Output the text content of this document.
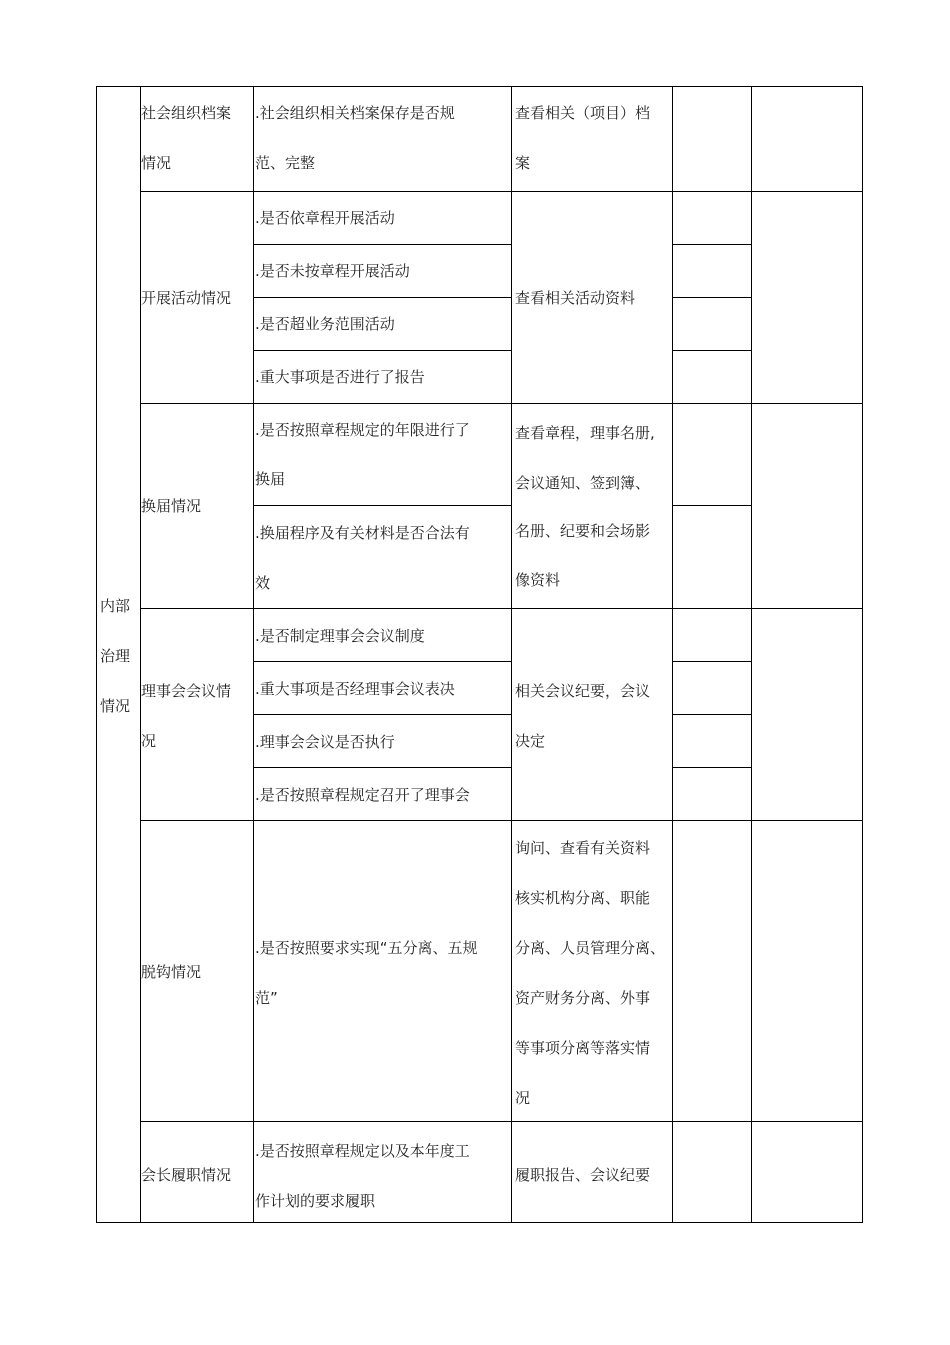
内部
治理
情况
社会组织档案
情况
.社会组织相关档案保存是否规
范、完整
查看相关（项目）档
案
开展活动情况
.是否依章程开展活动
.是否未按章程开展活动
.是否超业务范围活动
.重大事项是否进行了报告
查看相关活动资料
换届情况
.是否按照章程规定的年限进行了
换届
.换届程序及有关材料是否合法有
效
查看章程，理事名册,
会议通知、签到簿、
名册、纪要和会场影
像资料
理事会会议情
况
.是否制定理事会会议制度
.重大事项是否经理事会议表决
.理事会会议是否执行
.是否按照章程规定召开了理事会
相关会议纪要，会议
决定
脱钩情况
.是否按照要求实现“五分离、五规
范”
询问、查看有关资料
核实机构分离、职能
分离、人员管理分离、
资产财务分离、外事
等事项分离等落实情
况
会长履职情况
.是否按照章程规定以及本年度工
作计划的要求履职
履职报告、会议纪要
